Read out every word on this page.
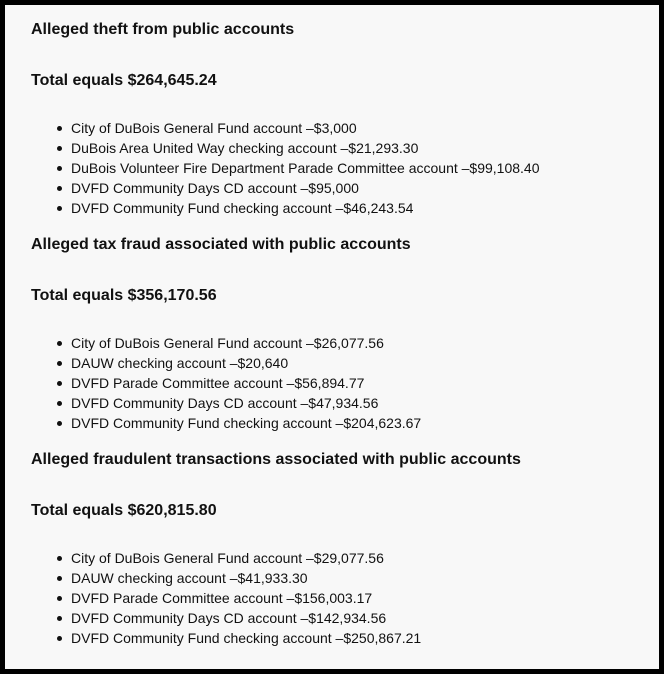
Alleged theft from public accounts
Total equals $264,645.24
City of DuBois General Fund account –$3,000
DuBois Area United Way checking account –$21,293.30
DuBois Volunteer Fire Department Parade Committee account –$99,108.40
DVFD Community Days CD account –$95,000
DVFD Community Fund checking account –$46,243.54
Alleged tax fraud associated with public accounts
Total equals $356,170.56
City of DuBois General Fund account –$26,077.56
DAUW checking account –$20,640
DVFD Parade Committee account –$56,894.77
DVFD Community Days CD account –$47,934.56
DVFD Community Fund checking account –$204,623.67
Alleged fraudulent transactions associated with public accounts
Total equals $620,815.80
City of DuBois General Fund account –$29,077.56
DAUW checking account –$41,933.30
DVFD Parade Committee account –$156,003.17
DVFD Community Days CD account –$142,934.56
DVFD Community Fund checking account –$250,867.21
